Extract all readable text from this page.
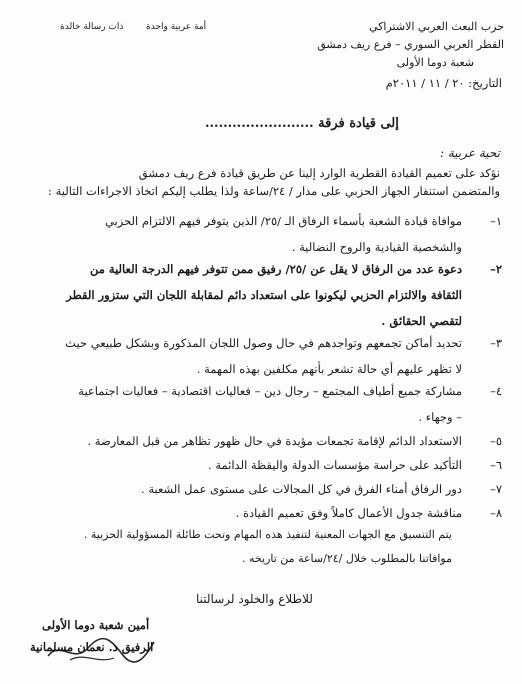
ذات رسالة خالدة	أمة عربية واحدة	حزب البعث العربي الاشتراكي
القطر العربي السوري – فرع ريف دمشق
شعبة دوما الأولى
التاريخ: ٢٠ / ١١ / ٢٠١١م
إلى قيادة فرقة ........................
تحية عربية :
نؤكد على تعميم القيادة القطرية الوارد إلينا عن طريق قيادة فرع ريف دمشق
والمتضمن استنفار الجهاز الحزبي على مدار / ٢٤/ساعة ولذا يطلب إليكم اتخاذ الاجراءات التالية :
١–
موافاة قيادة الشعبة بأسماء الرفاق الـ /٢٥/ الذين يتوفر فيهم الالتزام الحزبي
والشخصية القيادية والروح النضالية .
٢–
دعوة عدد من الرفاق لا يقل عن /٢٥/ رفيق ممن تتوفر فيهم الدرجة العالية من
الثقافة والالتزام الحزبي ليكونوا على استعداد دائم لمقابلة اللجان التي ستزور القطر
لتقصي الحقائق .
٣–
تحديد أماكن تجمعهم وتواجدهم في حال وصول اللجان المذكورة وبشكل طبيعي حيث
لا تظهر عليهم أي حالة تشعر بأنهم مكلفين بهذه المهمة .
٤–
مشاركة جميع أطياف المجتمع – رجال دين – فعاليات اقتصادية – فعاليات اجتماعية
– وجهاء .
٥–
الاستعداد الدائم لإقامة تجمعات مؤيدة في حال ظهور تظاهر من قبل المعارضة .
٦–
التأكيد على حراسة مؤسسات الدولة واليقظة الدائمة .
٧–
دور الرفاق أمناء الفرق في كل المجالات على مستوى عمل الشعبة .
٨–
مناقشة جدول الأعمال كاملاً وفق تعميم القيادة .
يتم التنسيق مع الجهات المعنية لتنفيذ هذه المهام وتحت طائلة المسؤولية الحزبية .
موافاتنا بالمطلوب خلال /٢٤/ساعة من تاريخه .
للاطلاع والخلود لرسالتنا
أمين شعبة دوما الأولى
الرفيق د. نعمان مسلمانية
